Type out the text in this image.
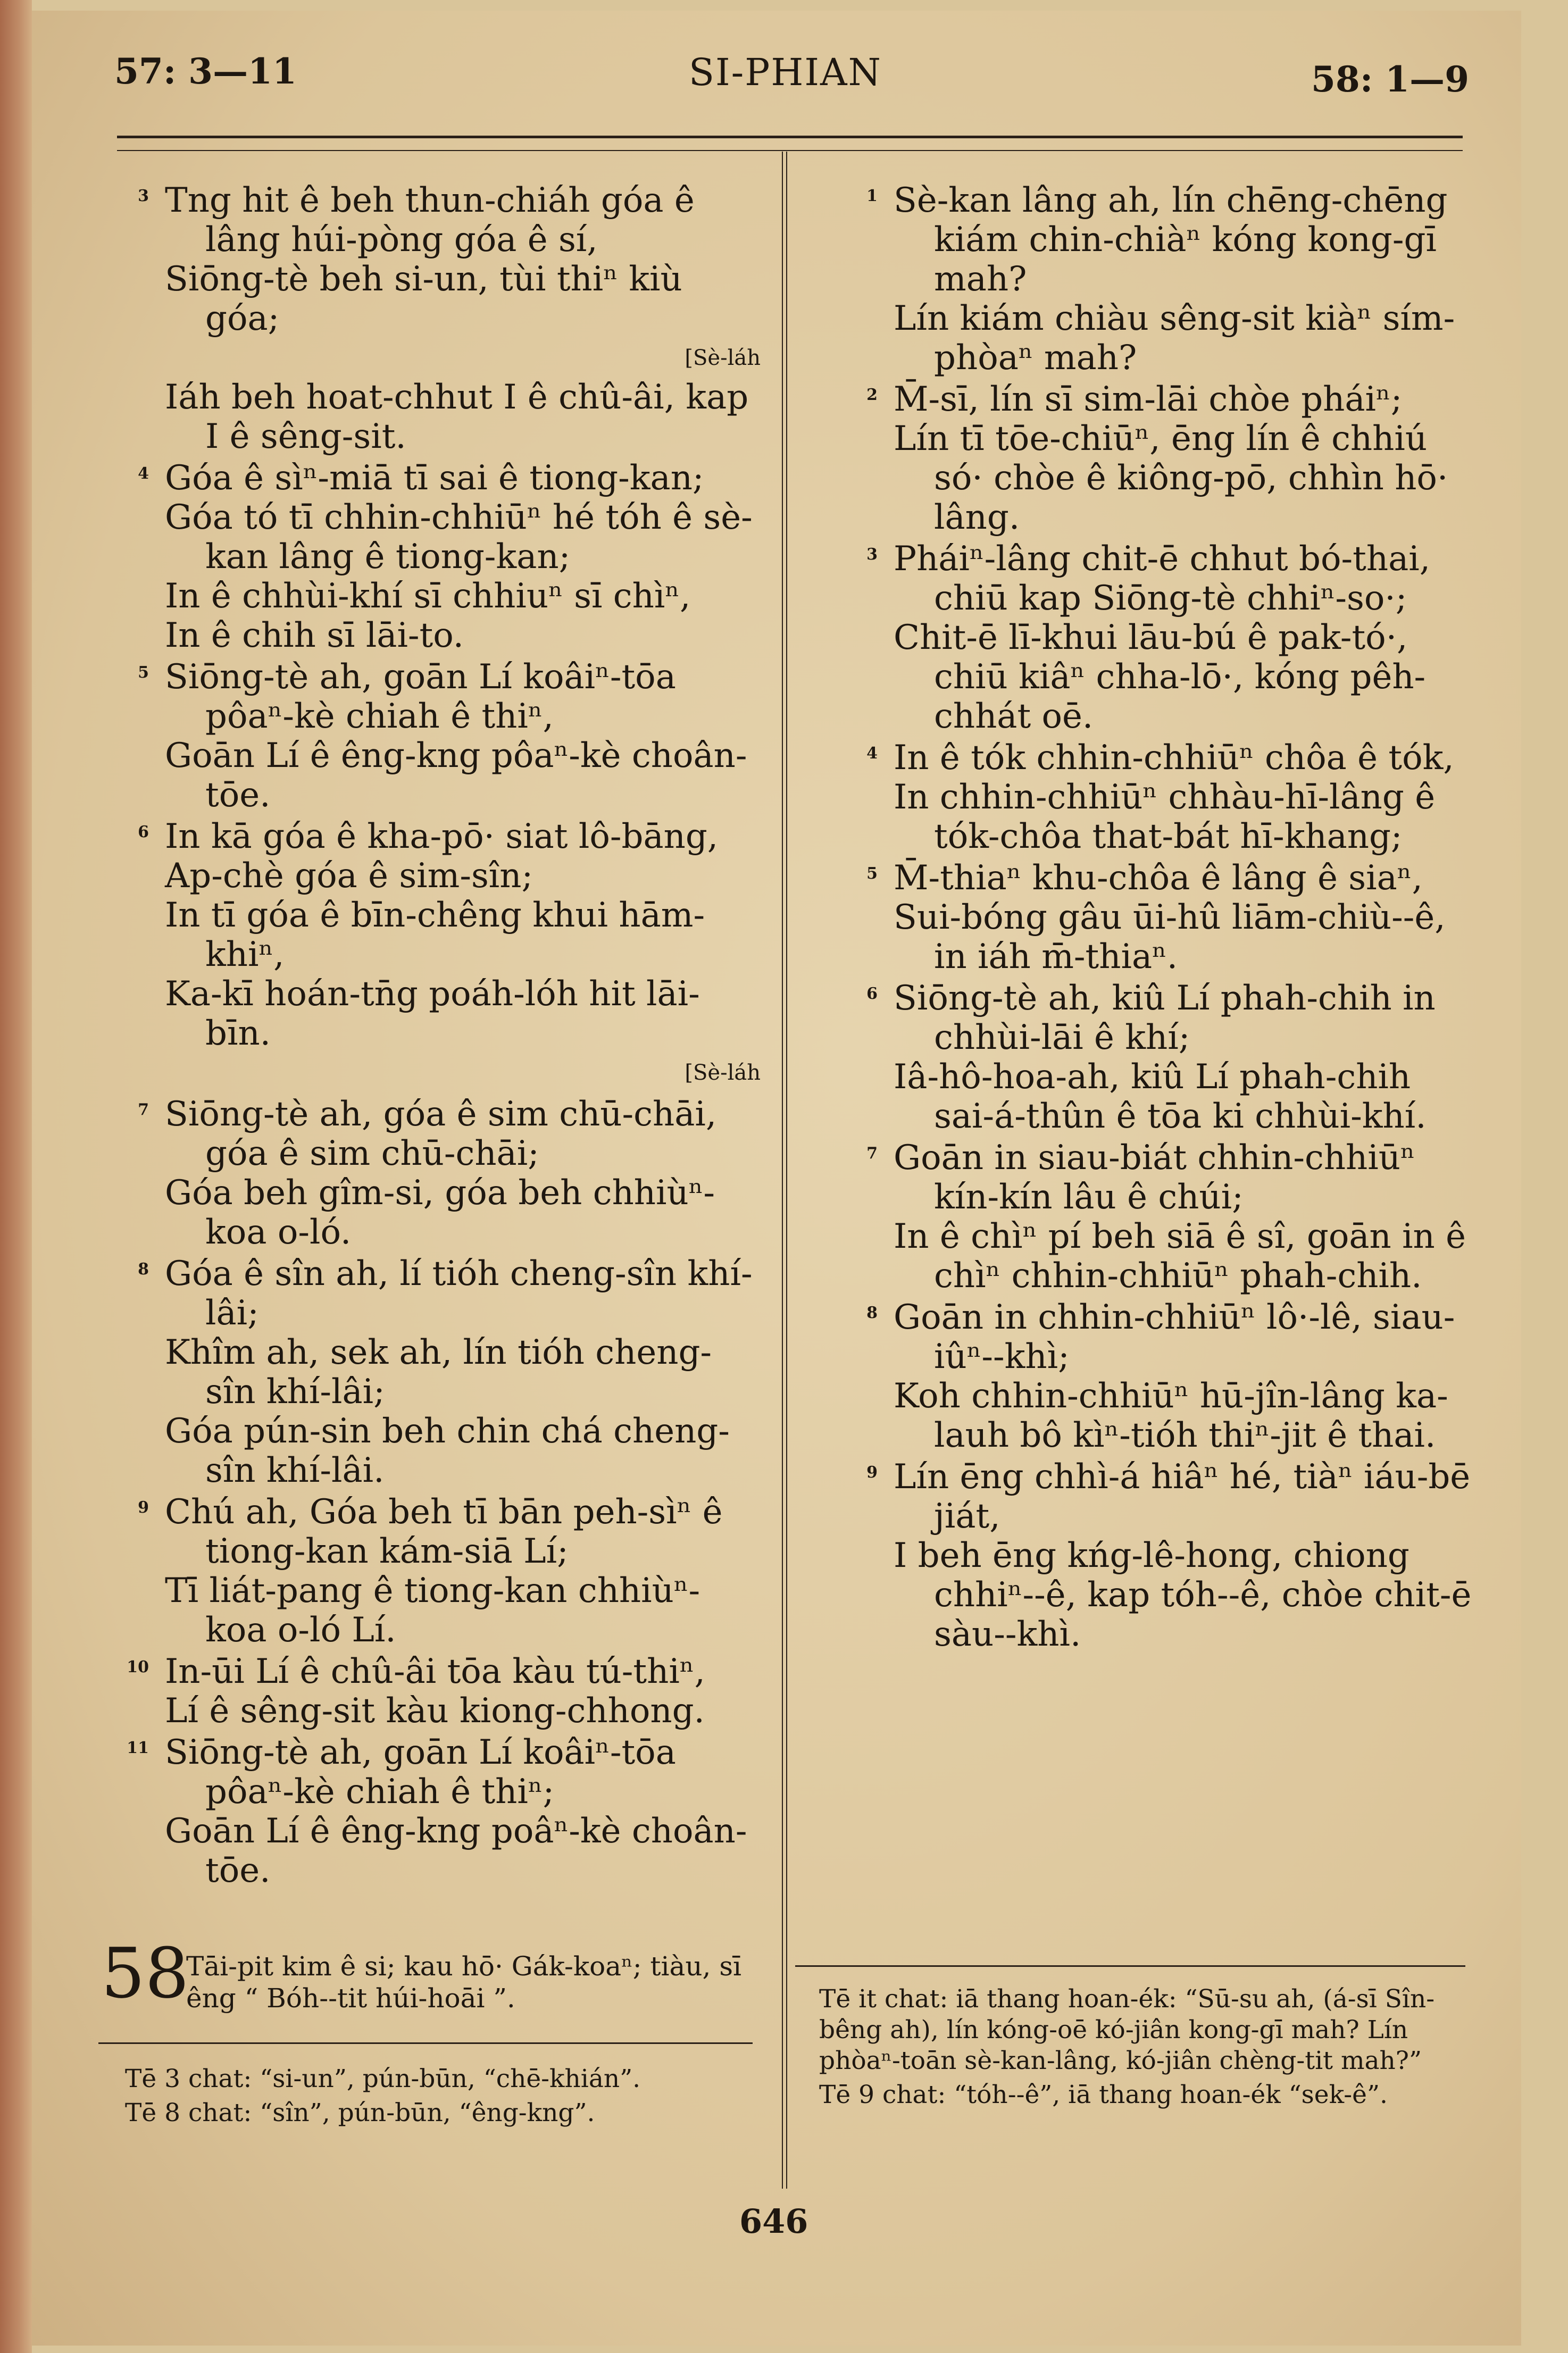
57: 3—11	SI-PHIAN	58: 1—9
3 Tng hit ê beh thun-chiáh góa ê lâng húi-pòng góa ê sí,
Siōng-tè beh si-un, tùi thiⁿ kiù góa;
[Sè-láh
Iáh beh hoat-chhut I ê chû-âi, kap I ê sêng-sit.
4 Góa ê sìⁿ-miā tī sai ê tiong-kan;
Góa tó tī chhin-chhiūⁿ hé tóh ê sè-kan lâng ê tiong-kan;
In ê chhùi-khí sī chhiuⁿ sī chìⁿ,
In ê chih sī lāi-to.
5 Siōng-tè ah, goān Lí koâiⁿ-tōa pôaⁿ-kè chiah ê thiⁿ,
Goān Lí ê êng-kng pôaⁿ-kè choân-tōe.
6 In kā góa ê kha-pō· siat lô-bāng,
Ap-chè góa ê sim-sîn;
In tī góa ê bīn-chêng khui hām-khiⁿ,
Ka-kī hoán-tn̄g poáh-lóh hit lāi-bīn.
[Sè-láh
7 Siōng-tè ah, góa ê sim chū-chāi, góa ê sim chū-chāi;
Góa beh gîm-si, góa beh chhiùⁿ-koa o-ló.
8 Góa ê sîn ah, lí tióh cheng-sîn khí-lâi;
Khîm ah, sek ah, lín tióh cheng-sîn khí-lâi;
Góa pún-sin beh chin chá cheng-sîn khí-lâi.
9 Chú ah, Góa beh tī bān peh-sìⁿ ê tiong-kan kám-siā Lí;
Tī liát-pang ê tiong-kan chhiùⁿ-koa o-ló Lí.
10 In-ūi Lí ê chû-âi tōa kàu tú-thiⁿ,
Lí ê sêng-sit kàu kiong-chhong.
11 Siōng-tè ah, goān Lí koâiⁿ-tōa pôaⁿ-kè chiah ê thiⁿ;
Goān Lí ê êng-kng poâⁿ-kè choân-tōe.
58
Tāi-pit kim ê si; kau hō· Gák-koaⁿ; tiàu, sī êng “ Bóh--tit húi-hoāi ”.
1 Sè-kan lâng ah, lín chēng-chēng kiám chin-chiàⁿ kóng kong-gī mah?
Lín kiám chiàu sêng-sit kiàⁿ sím-phòaⁿ mah?
2 M̄-sī, lín sī sim-lāi chòe pháiⁿ;
Lín tī tōe-chiūⁿ, ēng lín ê chhiú só· chòe ê kiông-pō, chhìn hō· lâng.
3 Pháiⁿ-lâng chit-ē chhut bó-thai, chiū kap Siōng-tè chhiⁿ-so·;
Chit-ē lī-khui lāu-bú ê pak-tó·, chiū kiâⁿ chha-lō·, kóng pêh-chhát oē.
4 In ê tók chhin-chhiūⁿ chôa ê tók,
In chhin-chhiūⁿ chhàu-hī-lâng ê tók-chôa that-bát hī-khang;
5 M̄-thiaⁿ khu-chôa ê lâng ê siaⁿ,
Sui-bóng gâu ūi-hû liām-chiù--ê, in iáh m̄-thiaⁿ.
6 Siōng-tè ah, kiû Lí phah-chih in chhùi-lāi ê khí;
Iâ-hô-hoa-ah, kiû Lí phah-chih sai-á-thûn ê tōa ki chhùi-khí.
7 Goān in siau-biát chhin-chhiūⁿ kín-kín lâu ê chúi;
In ê chìⁿ pí beh siā ê sî, goān in ê chìⁿ chhin-chhiūⁿ phah-chih.
8 Goān in chhin-chhiūⁿ lô·-lê, siau-iûⁿ--khì;
Koh chhin-chhiūⁿ hū-jîn-lâng ka-lauh bô kìⁿ-tióh thiⁿ-jit ê thai.
9 Lín ēng chhì-á hiâⁿ hé, tiàⁿ iáu-bē jiát,
I beh ēng kńg-lê-hong, chiong chhiⁿ--ê, kap tóh--ê, chòe chit-ē sàu--khì.

Tē 3 chat: “si-un”, pún-būn, “chē-khián”.

Tē 8 chat: “sîn”, pún-būn, “êng-kng”.

Tē it chat: iā thang hoan-ék: “Sū-su ah, (á-sī Sîn-bêng ah), lín kóng-oē kó-jiân kong-gī mah? Lín phòaⁿ-toān sè-kan-lâng, kó-jiân chèng-tit mah?”

Tē 9 chat: “tóh--ê”, iā thang hoan-ék “sek-ê”.

646
